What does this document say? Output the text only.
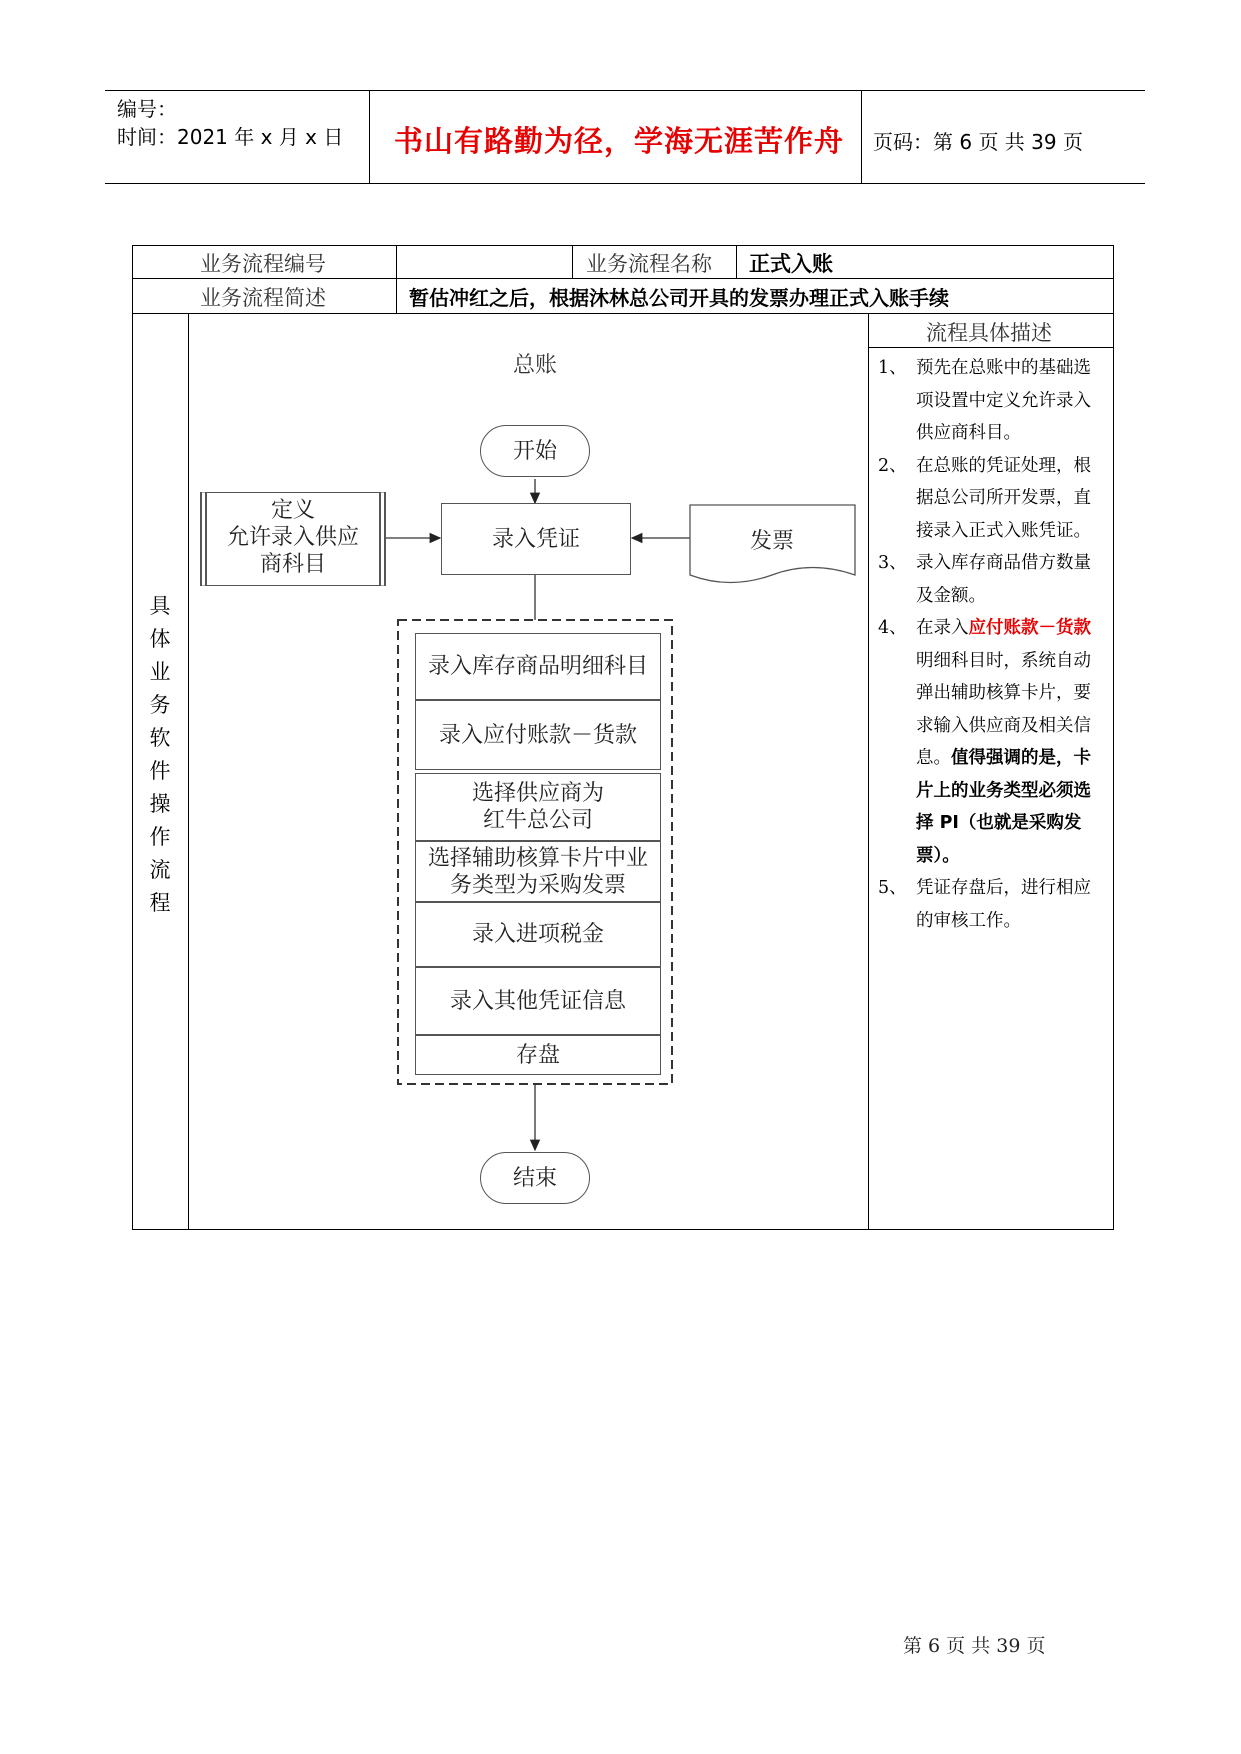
编号：
时间：2021 年 x 月 x 日 书山有路勤为径，学海无涯苦作舟 页码：第 6 页 共 39 页
业务流程编号	业务流程名称 正式入账
业务流程简述	暂估冲红之后，根据沐林总公司开具的发票办理正式入账手续
具
体
业
务
软
件
操
作
流
程
流程具体描述
1、 预先在总账中的基础选项设置中定义允许录入供应商科目。
2、 在总账的凭证处理，根据总公司所开发票，直接录入正式入账凭证。
3、 录入库存商品借方数量及金额。
4、 在录入应付账款－货款明细科目时，系统自动弹出辅助核算卡片，要求输入供应商及相关信息。值得强调的是，卡片上的业务类型必须选择 PI（也就是采购发票）。
5、 凭证存盘后，进行相应的审核工作。
总账
开始
定义
允许录入供应
商科目
录入凭证	发票
录入库存商品明细科目
录入应付账款－货款
选择供应商为
红牛总公司
选择辅助核算卡片中业
务类型为采购发票
录入进项税金
录入其他凭证信息
存盘
结束
第 6 页 共 39 页
